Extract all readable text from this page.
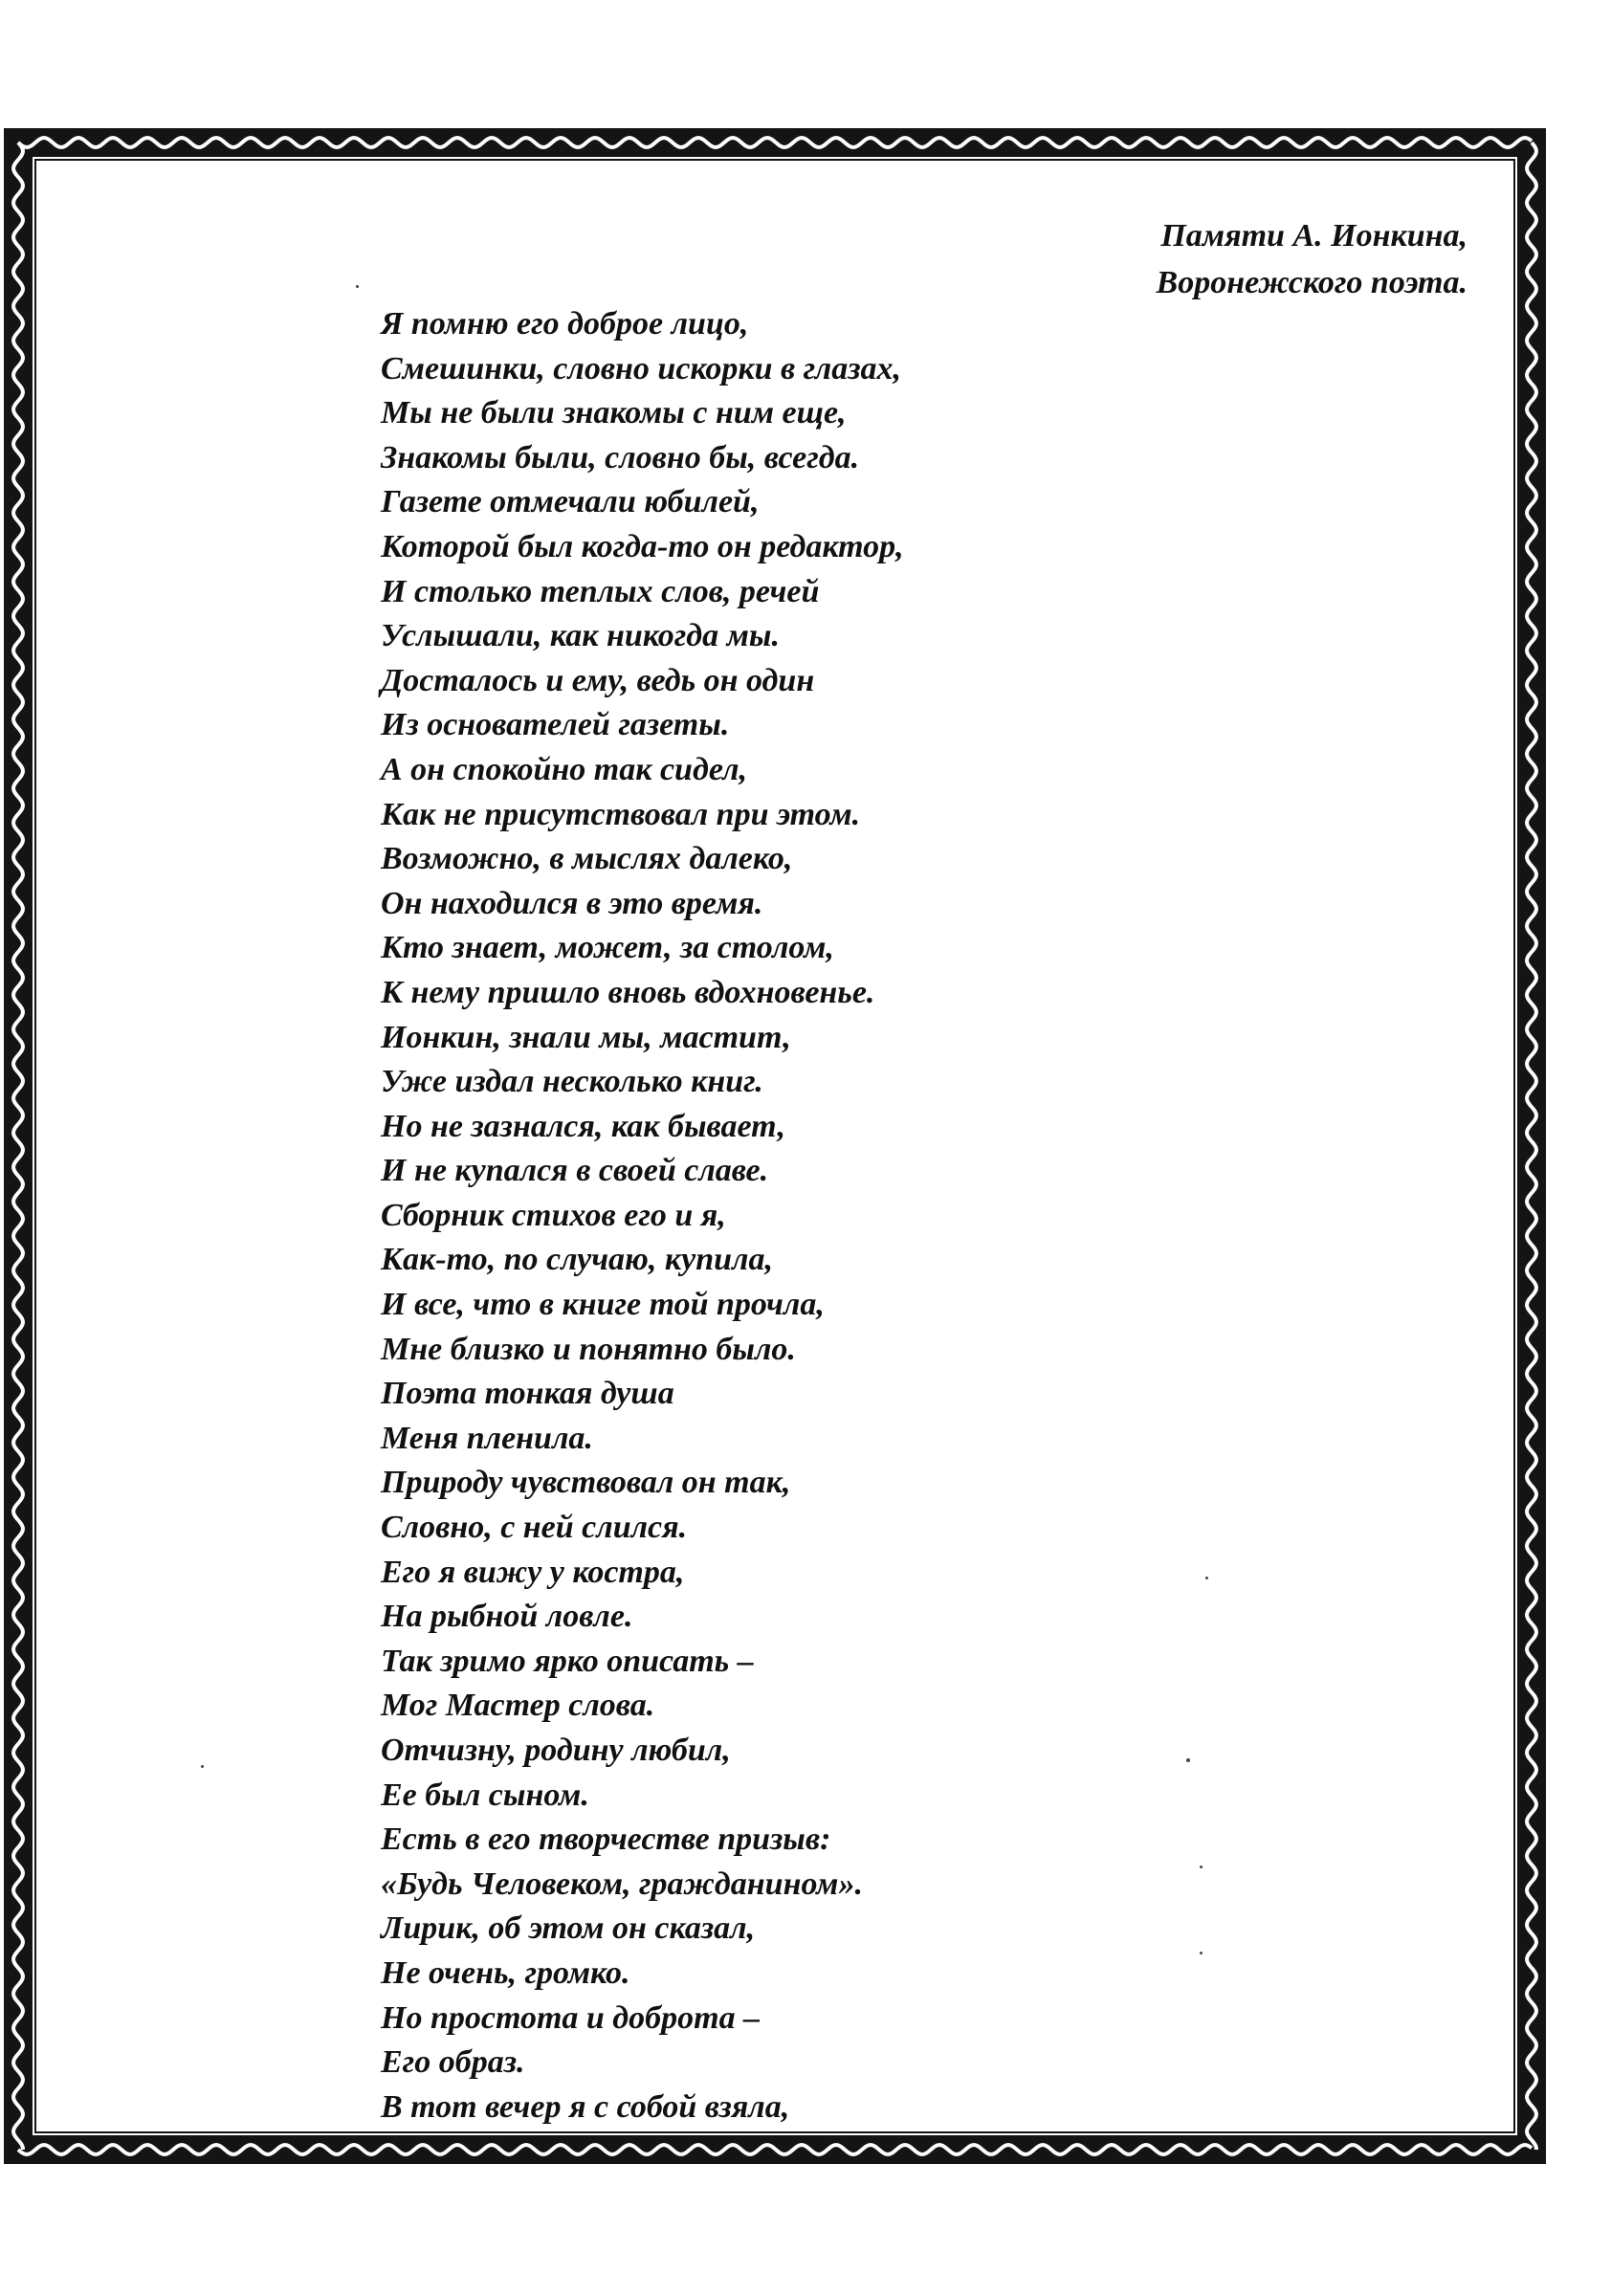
Памяти А. Ионкина,
Воронежского поэта.
Я помню его доброе лицо,
Смешинки, словно искорки в глазах,
Мы не были знакомы с ним еще,
Знакомы были, словно бы, всегда.
Газете отмечали юбилей,
Которой был когда-то он редактор,
И столько теплых слов, речей
Услышали, как никогда мы.
Досталось и ему, ведь он один
Из основателей газеты.
А он спокойно так сидел,
Как не присутствовал при этом.
Возможно, в мыслях далеко,
Он находился в это время.
Кто знает, может, за столом,
К нему пришло вновь вдохновенье.
Ионкин, знали мы, мастит,
Уже издал несколько книг.
Но не зазнался, как бывает,
И не купался в своей славе.
Сборник стихов его и я,
Как-то, по случаю, купила,
И все, что в книге той прочла,
Мне близко и понятно было.
Поэта тонкая душа
Меня пленила.
Природу чувствовал он так,
Словно, с ней слился.
Его я вижу у костра,
На рыбной ловле.
Так зримо ярко описать –
Мог Мастер слова.
Отчизну, родину любил,
Ее был сыном.
Есть в его творчестве призыв:
«Будь Человеком, гражданином».
Лирик, об этом он сказал,
Не очень, громко.
Но простота и доброта –
Его образ.
В тот вечер я с собой взяла,
